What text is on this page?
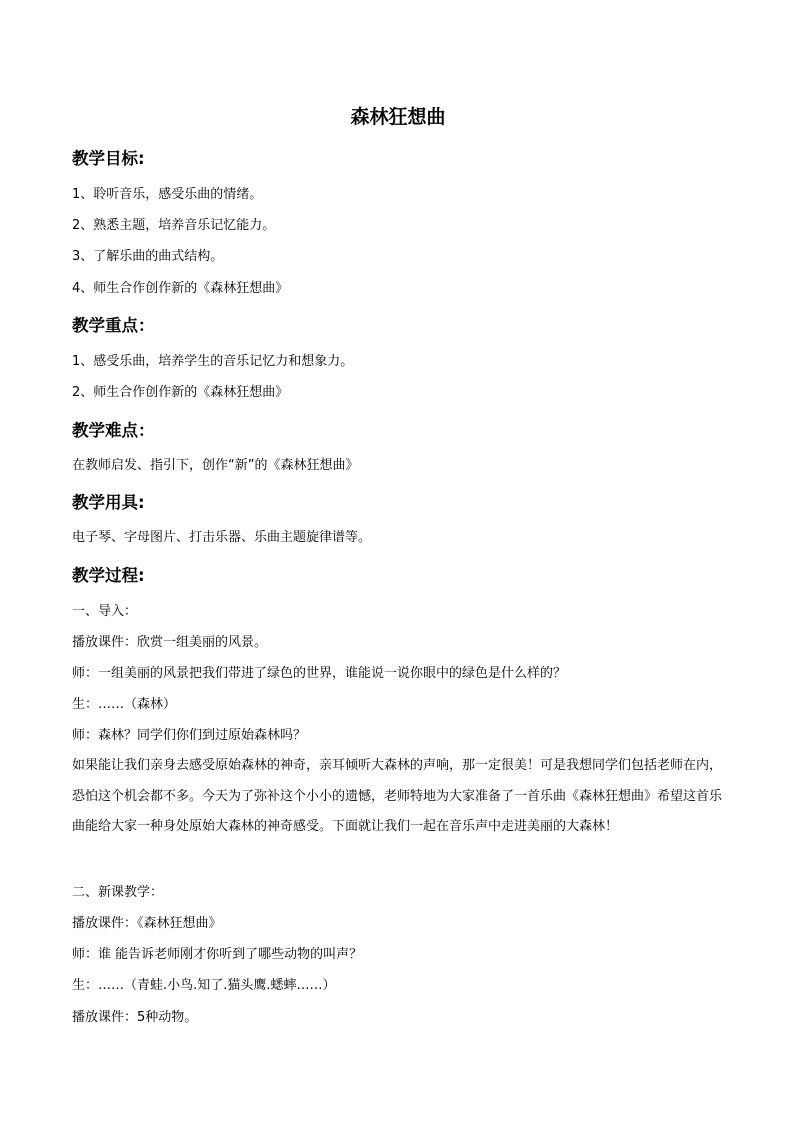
森林狂想曲
教学目标:
1、聆听音乐，感受乐曲的情绪。
2、熟悉主题，培养音乐记忆能力。
3、了解乐曲的曲式结构。
4、师生合作创作新的《森林狂想曲》
教学重点：
1、感受乐曲，培养学生的音乐记忆力和想象力。
2、师生合作创作新的《森林狂想曲》
教学难点：
在教师启发、指引下，创作“新”的《森林狂想曲》
教学用具:
电子琴、字母图片、打击乐器、乐曲主题旋律谱等。
教学过程:
一、导入：
播放课件：欣赏一组美丽的风景。
师：一组美丽的风景把我们带进了绿色的世界，谁能说一说你眼中的绿色是什么样的？
生：……（森林）
师：森林？同学们你们到过原始森林吗？
如果能让我们亲身去感受原始森林的神奇，亲耳倾听大森林的声响，那一定很美！可是我想同学们包括老师在内，恐怕这个机会都不多。今天为了弥补这个小小的遗憾，老师特地为大家准备了一首乐曲《森林狂想曲》希望这首乐曲能给大家一种身处原始大森林的神奇感受。下面就让我们一起在音乐声中走进美丽的大森林！
二、新课教学：
播放课件：《森林狂想曲》
师：谁 能告诉老师刚才你听到了哪些动物的叫声？
生：……（青蛙.小鸟.知了.猫头鹰.蟋蟀……）
播放课件：5种动物。
